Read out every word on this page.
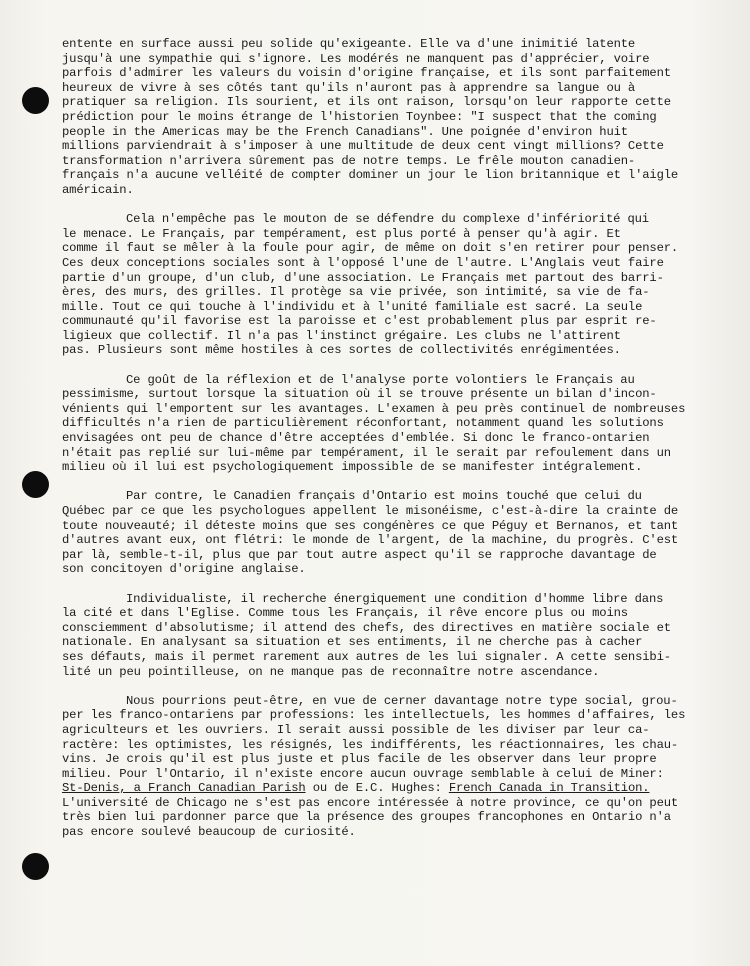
entente en surface aussi peu solide qu'exigeante. Elle va d'une inimitié latente
jusqu'à une sympathie qui s'ignore. Les modérés ne manquent pas d'apprécier, voire
parfois d'admirer les valeurs du voisin d'origine française, et ils sont parfaitement
heureux de vivre à ses côtés tant qu'ils n'auront pas à apprendre sa langue ou à
pratiquer sa religion. Ils sourient, et ils ont raison, lorsqu'on leur rapporte cette
prédiction pour le moins étrange de l'historien Toynbee: "I suspect that the coming
people in the Americas may be the French Canadians". Une poignée d'environ huit
millions parviendrait à s'imposer à une multitude de deux cent vingt millions? Cette
transformation n'arrivera sûrement pas de notre temps. Le frêle mouton canadien-
français n'a aucune velléité de compter dominer un jour le lion britannique et l'aigle
américain.
Cela n'empêche pas le mouton de se défendre du complexe d'infériorité qui
le menace. Le Français, par tempérament, est plus porté à penser qu'à agir. Et
comme il faut se mêler à la foule pour agir, de même on doit s'en retirer pour penser.
Ces deux conceptions sociales sont à l'opposé l'une de l'autre. L'Anglais veut faire
partie d'un groupe, d'un club, d'une association. Le Français met partout des barri-
ères, des murs, des grilles. Il protège sa vie privée, son intimité, sa vie de fa-
mille. Tout ce qui touche à l'individu et à l'unité familiale est sacré. La seule
communauté qu'il favorise est la paroisse et c'est probablement plus par esprit re-
ligieux que collectif. Il n'a pas l'instinct grégaire. Les clubs ne l'attirent
pas. Plusieurs sont même hostiles à ces sortes de collectivités enrégimentées.
Ce goût de la réflexion et de l'analyse porte volontiers le Français au
pessimisme, surtout lorsque la situation où il se trouve présente un bilan d'incon-
vénients qui l'emportent sur les avantages. L'examen à peu près continuel de nombreuses
difficultés n'a rien de particulièrement réconfortant, notamment quand les solutions
envisagées ont peu de chance d'être acceptées d'emblée. Si donc le franco-ontarien
n'était pas replié sur lui-même par tempérament, il le serait par refoulement dans un
milieu où il lui est psychologiquement impossible de se manifester intégralement.
Par contre, le Canadien français d'Ontario est moins touché que celui du
Québec par ce que les psychologues appellent le misonéisme, c'est-à-dire la crainte de
toute nouveauté; il déteste moins que ses congénères ce que Péguy et Bernanos, et tant
d'autres avant eux, ont flétri: le monde de l'argent, de la machine, du progrès. C'est
par là, semble-t-il, plus que par tout autre aspect qu'il se rapproche davantage de
son concitoyen d'origine anglaise.
Individualiste, il recherche énergiquement une condition d'homme libre dans
la cité et dans l'Eglise. Comme tous les Français, il rêve encore plus ou moins
consciemment d'absolutisme; il attend des chefs, des directives en matière sociale et
nationale. En analysant sa situation et ses entiments, il ne cherche pas à cacher
ses défauts, mais il permet rarement aux autres de les lui signaler. A cette sensibi-
lité un peu pointilleuse, on ne manque pas de reconnaître notre ascendance.
Nous pourrions peut-être, en vue de cerner davantage notre type social, grou-
per les franco-ontariens par professions: les intellectuels, les hommes d'affaires, les
agriculteurs et les ouvriers. Il serait aussi possible de les diviser par leur ca-
ractère: les optimistes, les résignés, les indifférents, les réactionnaires, les chau-
vins. Je crois qu'il est plus juste et plus facile de les observer dans leur propre
milieu. Pour l'Ontario, il n'existe encore aucun ouvrage semblable à celui de Miner:
St-Denis, a Franch Canadian Parish ou de E.C. Hughes: French Canada in Transition.
L'université de Chicago ne s'est pas encore intéressée à notre province, ce qu'on peut
très bien lui pardonner parce que la présence des groupes francophones en Ontario n'a
pas encore soulevé beaucoup de curiosité.
